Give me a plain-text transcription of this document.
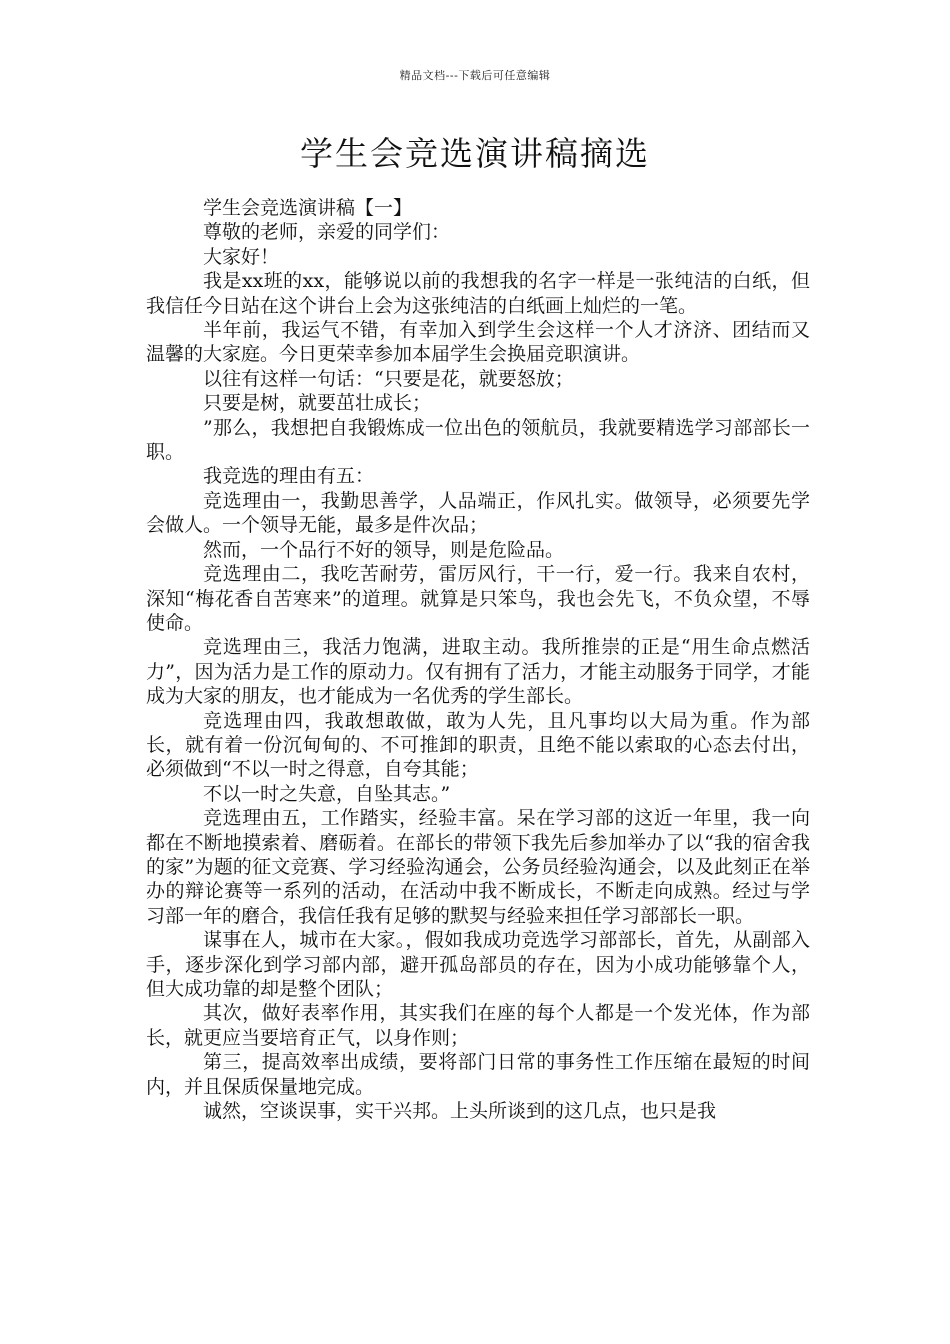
精品文档---下载后可任意编辑
学生会竞选演讲稿摘选

学生会竞选演讲稿【一】

尊敬的老师，亲爱的同学们：

大家好！

我是xx班的xx，能够说以前的我想我的名字一样是一张纯洁的白纸，但我信任今日站在这个讲台上会为这张纯洁的白纸画上灿烂的一笔。

半年前，我运气不错，有幸加入到学生会这样一个人才济济、团结而又温馨的大家庭。今日更荣幸参加本届学生会换届竞职演讲。

以往有这样一句话：“只要是花，就要怒放；

只要是树，就要茁壮成长；

”那么，我想把自我锻炼成一位出色的领航员，我就要精选学习部部长一职。

我竞选的理由有五：

竞选理由一，我勤思善学，人品端正，作风扎实。做领导，必须要先学会做人。一个领导无能，最多是件次品；

然而，一个品行不好的领导，则是危险品。

竞选理由二，我吃苦耐劳，雷厉风行，干一行，爱一行。我来自农村，深知“梅花香自苦寒来”的道理。就算是只笨鸟，我也会先飞，不负众望，不辱使命。

竞选理由三，我活力饱满，进取主动。我所推崇的正是“用生命点燃活力”，因为活力是工作的原动力。仅有拥有了活力，才能主动服务于同学，才能成为大家的朋友，也才能成为一名优秀的学生部长。

竞选理由四，我敢想敢做，敢为人先，且凡事均以大局为重。作为部长，就有着一份沉甸甸的、不可推卸的职责，且绝不能以索取的心态去付出，必须做到“不以一时之得意，自夸其能；

不以一时之失意，自坠其志。”

竞选理由五，工作踏实，经验丰富。呆在学习部的这近一年里，我一向都在不断地摸索着、磨砺着。在部长的带领下我先后参加举办了以“我的宿舍我的家”为题的征文竞赛、学习经验沟通会，公务员经验沟通会，以及此刻正在举办的辩论赛等一系列的活动，在活动中我不断成长，不断走向成熟。经过与学习部一年的磨合，我信任我有足够的默契与经验来担任学习部部长一职。

谋事在人，城市在大家。，假如我成功竞选学习部部长，首先，从副部入手，逐步深化到学习部内部，避开孤岛部员的存在，因为小成功能够靠个人，但大成功靠的却是整个团队；

其次，做好表率作用，其实我们在座的每个人都是一个发光体，作为部长，就更应当要培育正气，以身作则；

第三，提高效率出成绩，要将部门日常的事务性工作压缩在最短的时间内，并且保质保量地完成。

诚然，空谈误事，实干兴邦。上头所谈到的这几点，也只是我
